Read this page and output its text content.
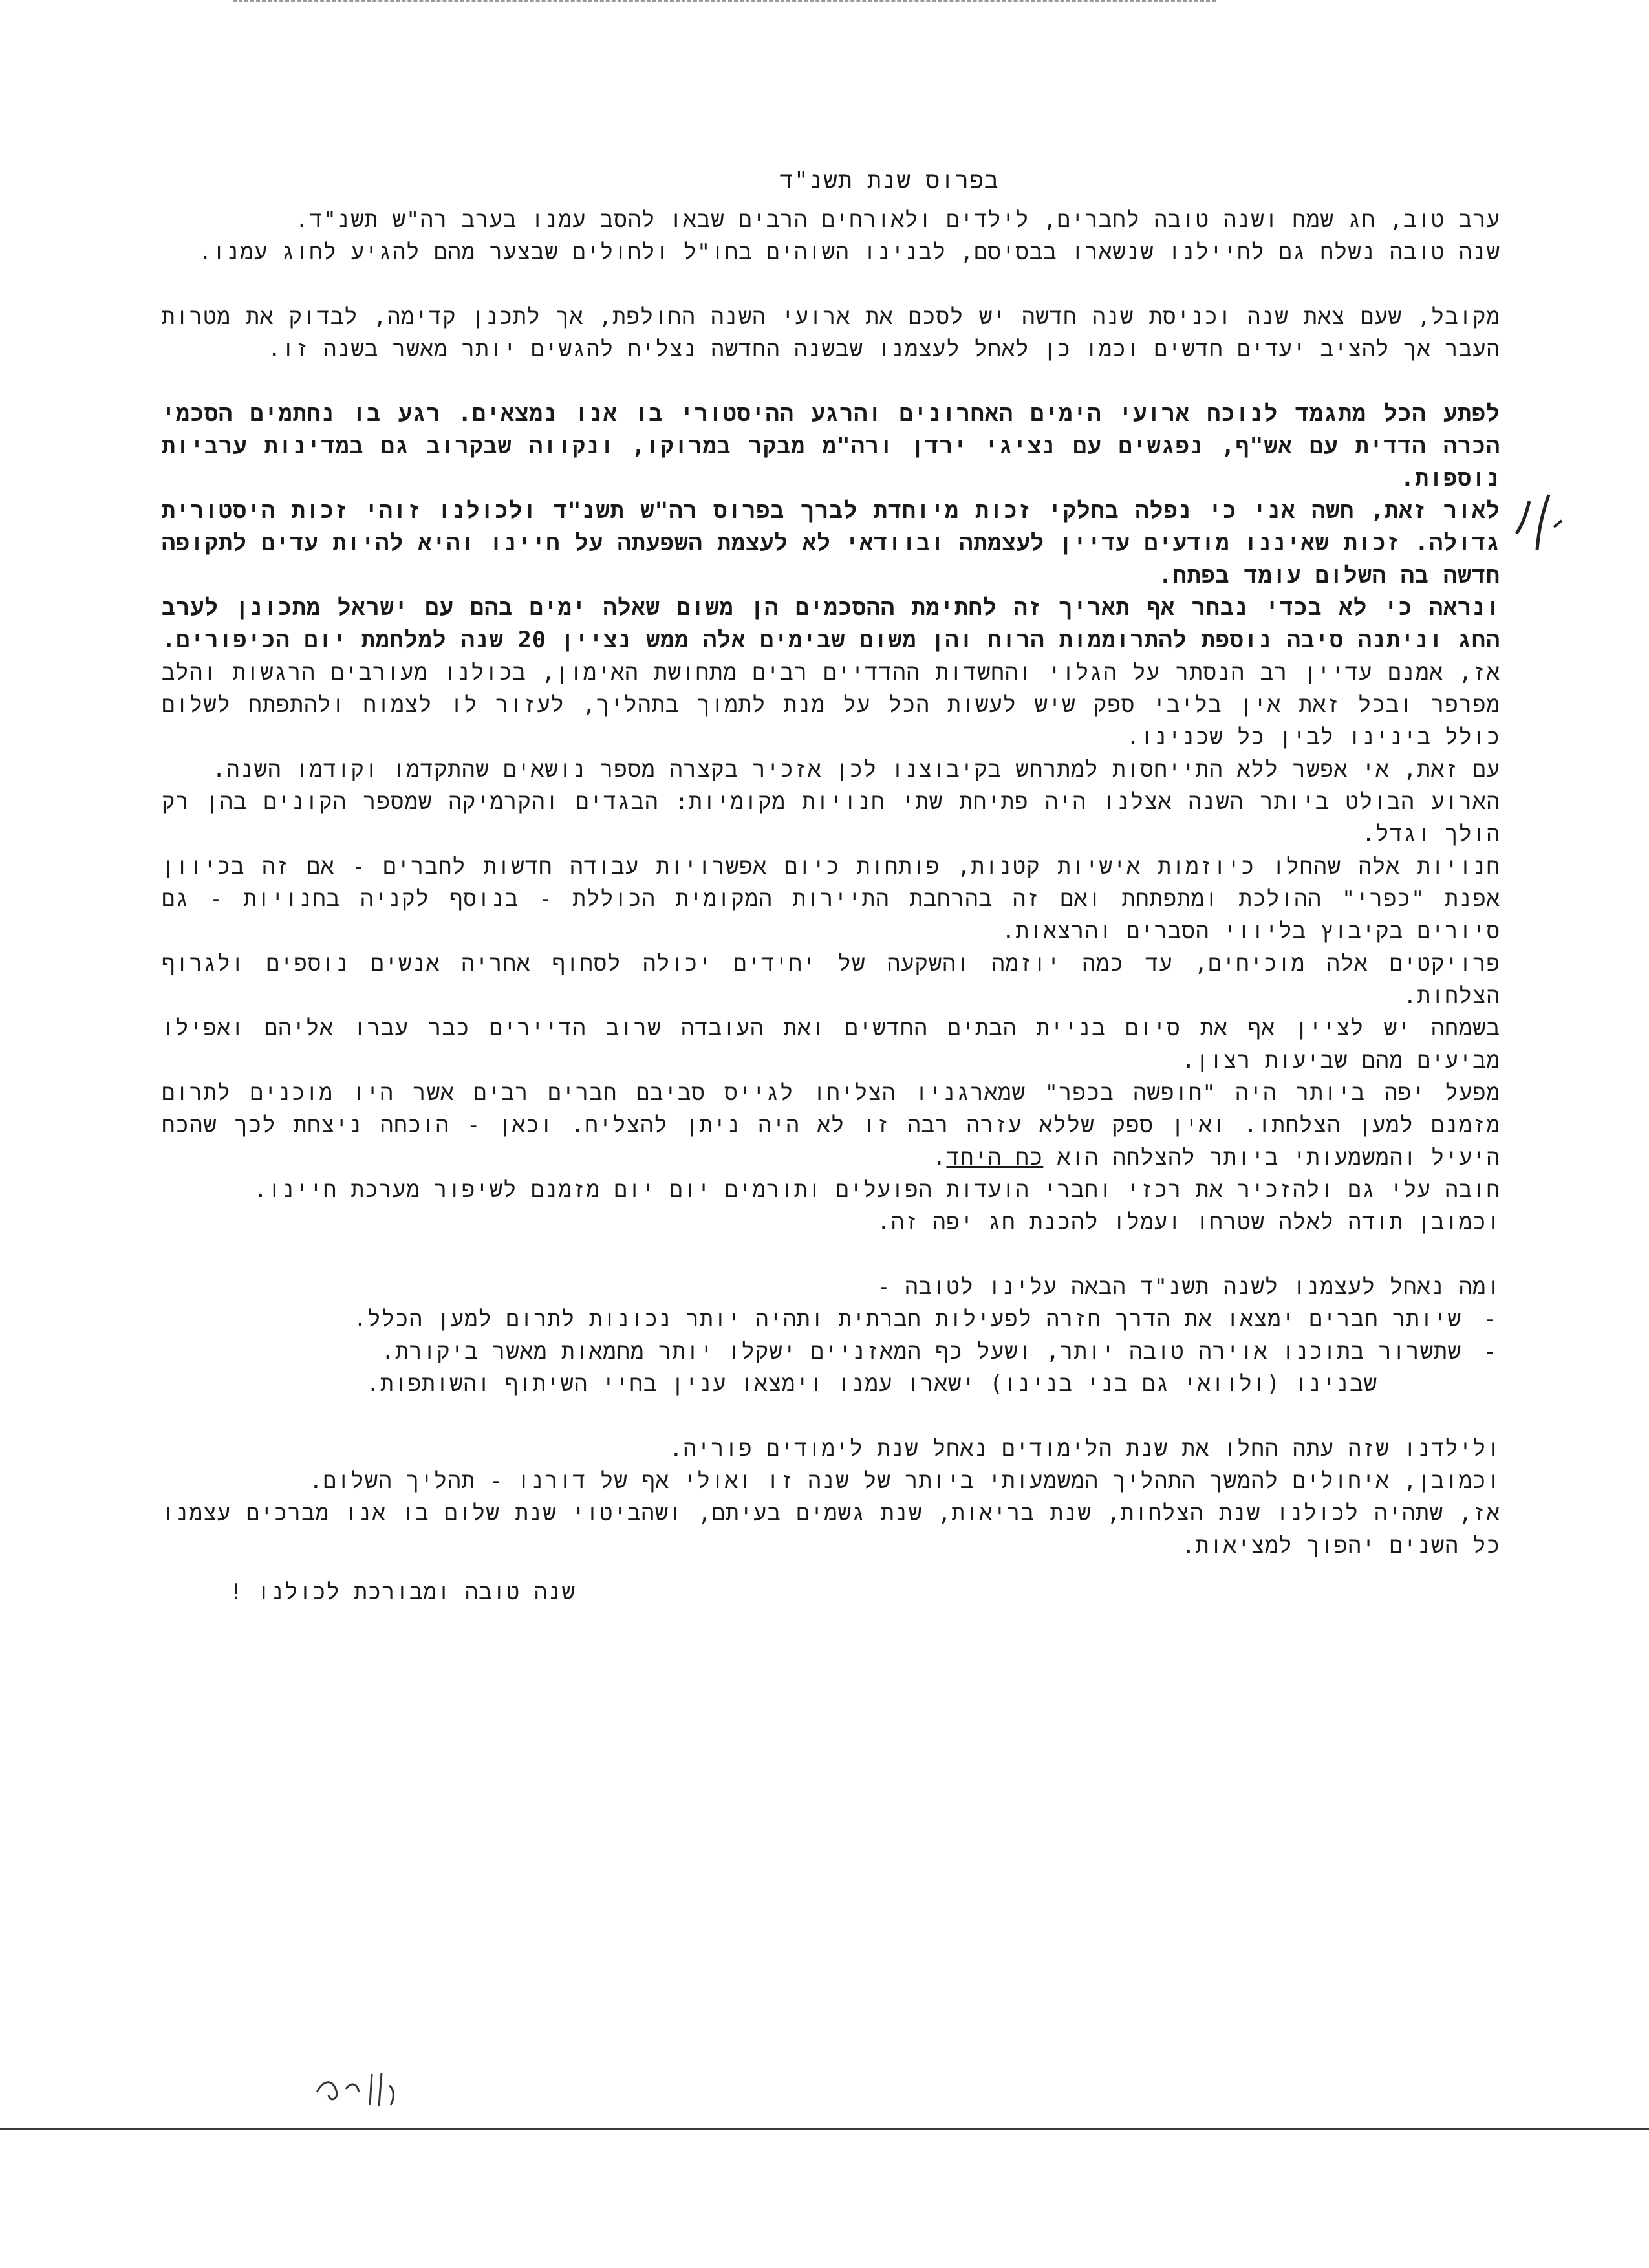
בפרוס שנת תשנ"ד

ערב טוב, חג שמח ושנה טובה לחברים, לילדים ולאורחים הרבים שבאו להסב עמנו בערב רה"ש תשנ"ד.

שנה טובה נשלח גם לחיילנו שנשארו בבסיסם, לבנינו השוהים בחו"ל ולחולים שבצער מהם להגיע לחוג עמנו.

מקובל, שעם צאת שנה וכניסת שנה חדשה יש לסכם את ארועי השנה החולפת, אך לתכנן קדימה, לבדוק את מטרות העבר אך להציב יעדים חדשים וכמו כן לאחל לעצמנו שבשנה החדשה נצליח להגשים יותר מאשר בשנה זו.

לפתע הכל מתגמד לנוכח ארועי הימים האחרונים והרגע ההיסטורי בו אנו נמצאים. רגע בו נחתמים הסכמי הכרה הדדית עם אש"ף, נפגשים עם נציגי ירדן ורה"מ מבקר במרוקו, ונקווה שבקרוב גם במדינות ערביות נוספות.

לאור זאת, חשה אני כי נפלה בחלקי זכות מיוחדת לברך בפרוס רה"ש תשנ"ד ולכולנו זוהי זכות היסטורית גדולה. זכות שאיננו מודעים עדיין לעצמתה ובוודאי לא לעצמת השפעתה על חיינו והיא להיות עדים לתקופה חדשה בה השלום עומד בפתח.

ונראה כי לא בכדי נבחר אף תאריך זה לחתימת ההסכמים הן משום שאלה ימים בהם עם ישראל מתכונן לערב החג וניתנה סיבה נוספת להתרוממות הרוח והן משום שבימים אלה ממש נציין 20 שנה למלחמת יום הכיפורים.

אז, אמנם עדיין רב הנסתר על הגלוי והחשדות ההדדיים רבים מתחושת האימון, בכולנו מעורבים הרגשות והלב מפרפר ובכל זאת אין בליבי ספק שיש לעשות הכל על מנת לתמוך בתהליך, לעזור לו לצמוח ולהתפתח לשלום כולל בינינו לבין כל שכנינו.

עם זאת, אי אפשר ללא התייחסות למתרחש בקיבוצנו לכן אזכיר בקצרה מספר נושאים שהתקדמו וקודמו השנה.

הארוע הבולט ביותר השנה אצלנו היה פתיחת שתי חנויות מקומיות: הבגדים והקרמיקה שמספר הקונים בהן רק הולך וגדל.

חנויות אלה שהחלו כיוזמות אישיות קטנות, פותחות כיום אפשרויות עבודה חדשות לחברים - אם זה בכיוון אפנת "כפרי" ההולכת ומתפתחת ואם זה בהרחבת התיירות המקומית הכוללת - בנוסף לקניה בחנויות - גם סיורים בקיבוץ בליווי הסברים והרצאות.

פרויקטים אלה מוכיחים, עד כמה יוזמה והשקעה של יחידים יכולה לסחוף אחריה אנשים נוספים ולגרוף הצלחות.

בשמחה יש לציין אף את סיום בניית הבתים החדשים ואת העובדה שרוב הדיירים כבר עברו אליהם ואפילו מביעים מהם שביעות רצון.

מפעל יפה ביותר היה "חופשה בכפר" שמארגניו הצליחו לגייס סביבם חברים רבים אשר היו מוכנים לתרום מזמנם למען הצלחתו. ואין ספק שללא עזרה רבה זו לא היה ניתן להצליח. וכאן - הוכחה ניצחת לכך שהכח היעיל והמשמעותי ביותר להצלחה הוא כח היחד.

חובה עלי גם ולהזכיר את רכזי וחברי הועדות הפועלים ותורמים יום יום מזמנם לשיפור מערכת חיינו.

וכמובן תודה לאלה שטרחו ועמלו להכנת חג יפה זה.

ומה נאחל לעצמנו לשנה תשנ"ד הבאה עלינו לטובה -

- שיותר חברים ימצאו את הדרך חזרה לפעילות חברתית ותהיה יותר נכונות לתרום למען הכלל.
- שתשרור בתוכנו אוירה טובה יותר, ושעל כף המאזניים ישקלו יותר מחמאות מאשר ביקורת.
שבנינו (ולוואי גם בני בנינו) ישארו עמנו וימצאו ענין בחיי השיתוף והשותפות.

ולילדנו שזה עתה החלו את שנת הלימודים נאחל שנת לימודים פוריה.

וכמובן, איחולים להמשך התהליך המשמעותי ביותר של שנה זו ואולי אף של דורנו - תהליך השלום.

אז, שתהיה לכולנו שנת הצלחות, שנת בריאות, שנת גשמים בעיתם, ושהביטוי שנת שלום בו אנו מברכים עצמנו כל השנים יהפוך למציאות.

שנה טובה ומבורכת לכולנו !
